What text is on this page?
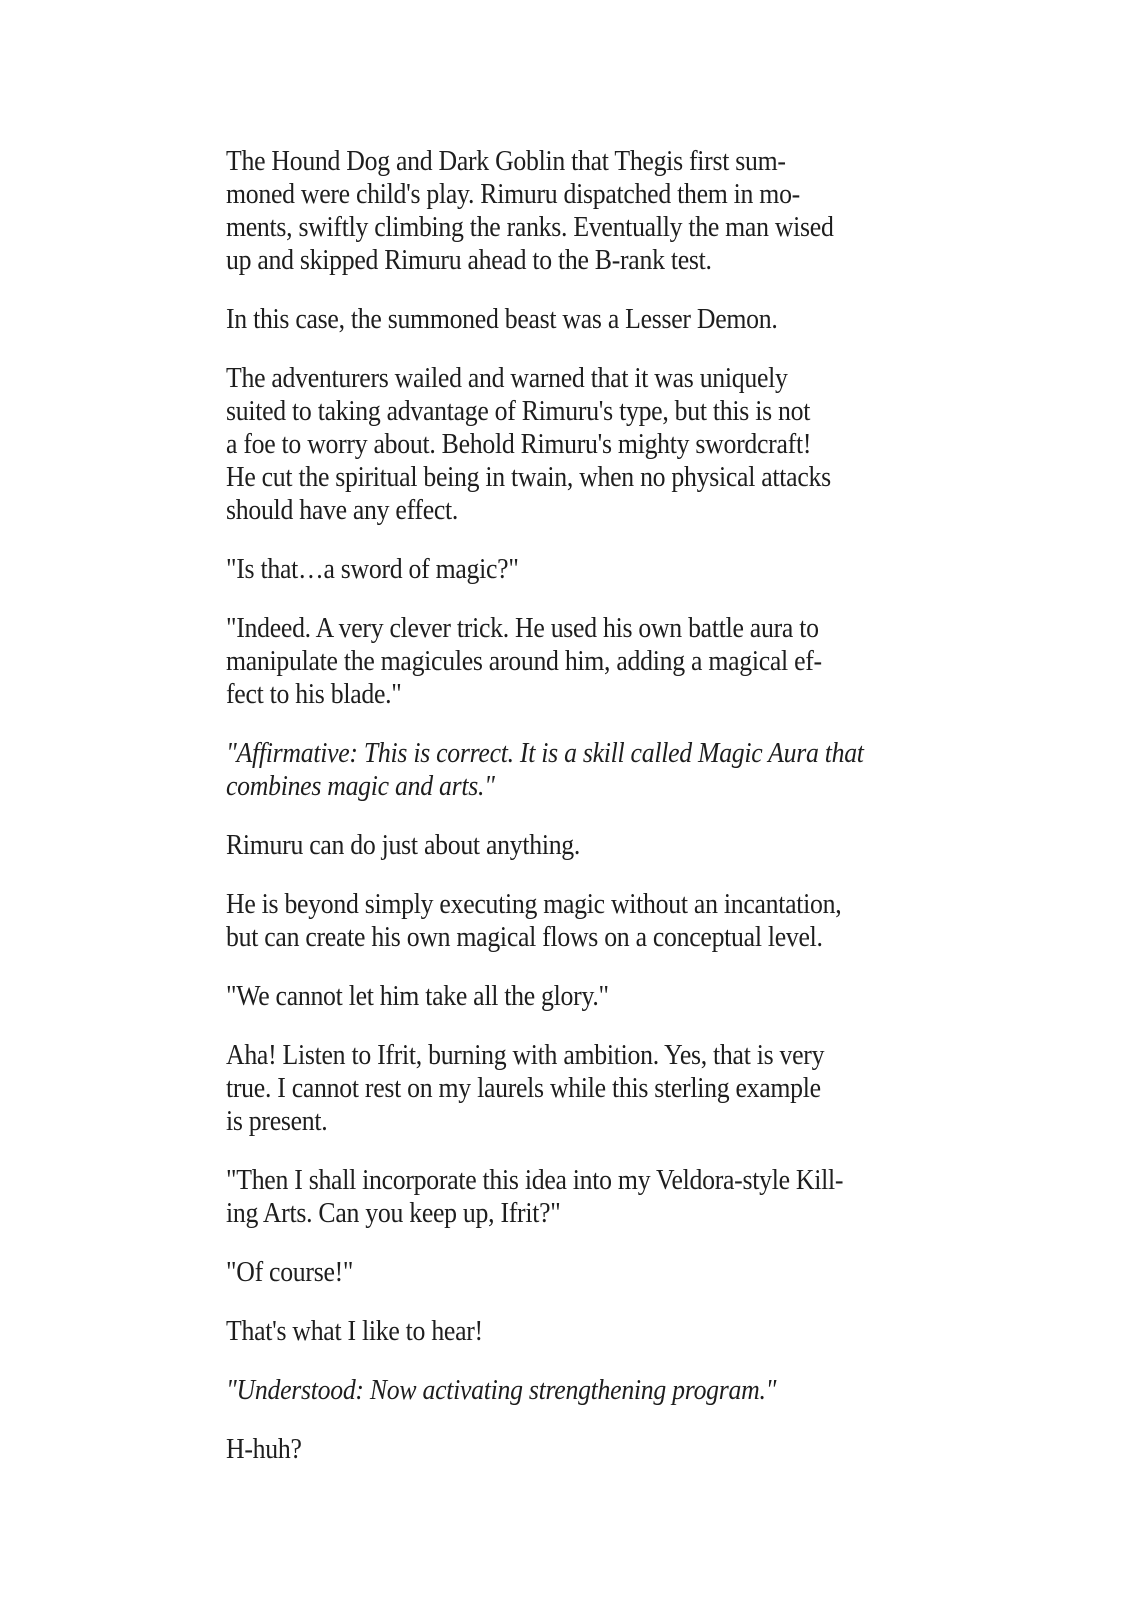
The Hound Dog and Dark Goblin that Thegis first sum-
moned were child's play. Rimuru dispatched them in mo-
ments, swiftly climbing the ranks. Eventually the man wised
up and skipped Rimuru ahead to the B-rank test.

In this case, the summoned beast was a Lesser Demon.

The adventurers wailed and warned that it was uniquely
suited to taking advantage of Rimuru's type, but this is not
a foe to worry about. Behold Rimuru's mighty swordcraft!
He cut the spiritual being in twain, when no physical attacks
should have any effect.

"Is that…a sword of magic?"

"Indeed. A very clever trick. He used his own battle aura to
manipulate the magicules around him, adding a magical ef-
fect to his blade."

"Affirmative: This is correct. It is a skill called Magic Aura that
combines magic and arts."

Rimuru can do just about anything.

He is beyond simply executing magic without an incantation,
but can create his own magical flows on a conceptual level.

"We cannot let him take all the glory."

Aha! Listen to Ifrit, burning with ambition. Yes, that is very
true. I cannot rest on my laurels while this sterling example
is present.

"Then I shall incorporate this idea into my Veldora-style Kill-
ing Arts. Can you keep up, Ifrit?"

"Of course!"

That's what I like to hear!

"Understood: Now activating strengthening program."

H-huh?
